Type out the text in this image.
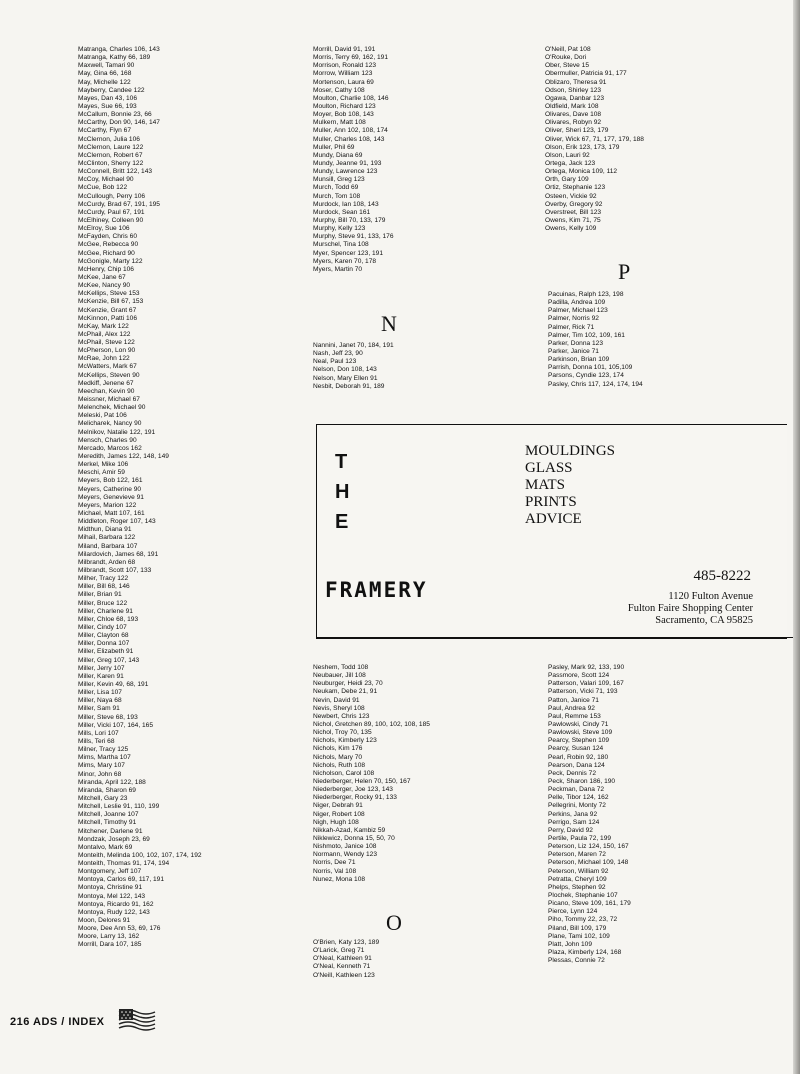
Matranga, Charles 106, 143
Matranga, Kathy 66, 189
Maxwell, Tamari 90
May, Gina 66, 168
May, Michelle 122
Mayberry, Candee 122
Mayes, Dan 43, 106
Mayes, Sue 66, 193
McCallum, Bonnie 23, 66
McCarthy, Don 90, 146, 147
McCarthy, Flyn 67
McClernon, Julia 106
McClernon, Laure 122
McClernon, Robert 67
McClinton, Sherry 122
McConnell, Britt 122, 143
McCoy, Michael 90
McCue, Bob 122
McCullough, Perry 106
McCurdy, Brad 67, 191, 195
McCurdy, Paul 67, 191
McElhiney, Colleen 90
McElroy, Sue 106
McFayden, Chris 60
McGee, Rebecca 90
McGee, Richard 90
McGonigle, Marty 122
McHenry, Chip 106
McKee, Jane 67
McKee, Nancy 90
McKellips, Steve 153
McKenzie, Bill 67, 153
McKenzie, Grant 67
McKinnon, Patti 106
McKay, Mark 122
McPhail, Alex 122
McPhail, Steve 122
McPherson, Lon 90
McRae, John 122
McWatters, Mark 67
McKellips, Steven 90
Medkiff, Jenene 67
Meechan, Kevin 90
Meissner, Michael 67
Melenchek, Michael 90
Meleski, Pat 106
Melicharek, Nancy 90
Melnikov, Natalie 122, 191
Mensch, Charles 90
Mercado, Marcos 162
Meredith, James 122, 148, 149
Merkel, Mike 106
Meschi, Amir 59
Meyers, Bob 122, 161
Meyers, Catherine 90
Meyers, Genevieve 91
Meyers, Marion 122
Michael, Matt 107, 161
Middleton, Roger 107, 143
Midthun, Diana 91
Mihail, Barbara 122
Miland, Barbara 107
Milardovich, James 68, 191
Milbrandt, Arden 68
Milbrandt, Scott 107, 133
Milher, Tracy 122
Miller, Bill 68, 146
Miller, Brian 91
Miller, Bruce 122
Miller, Charlene 91
Miller, Chloe 68, 193
Miller, Cindy 107
Miller, Clayton 68
Miller, Donna 107
Miller, Elizabeth 91
Miller, Greg 107, 143
Miller, Jerry 107
Miller, Karen 91
Miller, Kevin 49, 68, 191
Miller, Lisa 107
Miller, Naya 68
Miller, Sam 91
Miller, Steve 68, 193
Miller, Vicki 107, 164, 165
Mills, Lori 107
Mills, Teri 68
Milner, Tracy 125
Mims, Martha 107
Mims, Mary 107
Minor, John 68
Miranda, April 122, 188
Miranda, Sharon 69
Mitchell, Gary 23
Mitchell, Leslie 91, 110, 199
Mitchell, Joanne 107
Mitchell, Timothy 91
Mitchener, Darlene 91
Mondzak, Joseph 23, 69
Montalvo, Mark 69
Monteith, Melinda 100, 102, 107, 174, 192
Monteith, Thomas 91, 174, 194
Montgomery, Jeff 107
Montoya, Carlos 69, 117, 191
Montoya, Christine 91
Montoya, Mel 122, 143
Montoya, Ricardo 91, 162
Montoya, Rudy 122, 143
Moon, Delores 91
Moore, Dee Ann 53, 69, 176
Moore, Larry 13, 162
Morrill, Dara 107, 185
Morrill, David 91, 191
Morris, Terry 69, 162, 191
Morrison, Ronald 123
Morrow, William 123
Mortenson, Laura 69
Moser, Cathy 108
Moulton, Charlie 108, 146
Moulton, Richard 123
Moyer, Bob 108, 143
Mulkern, Matt 108
Muller, Ann 102, 108, 174
Muller, Charles 108, 143
Muller, Phil 69
Mundy, Diana 69
Mundy, Jeanne 91, 193
Mundy, Lawrence 123
Munsill, Greg 123
Murch, Todd 69
Murch, Tom 108
Murdock, Ian 108, 143
Murdock, Sean 161
Murphy, Bill 70, 133, 179
Murphy, Kelly 123
Murphy, Steve 91, 133, 176
Murschel, Tina 108
Myer, Spencer 123, 191
Myers, Karen 70, 178
Myers, Martin 70
N
Nannini, Janet 70, 184, 191
Nash, Jeff 23, 90
Neal, Paul 123
Nelson, Don 108, 143
Nelson, Mary Ellen 91
Nesbit, Deborah 91, 189
O'Neill, Pat 108
O'Rouke, Dori
Ober, Steve 15
Obermuller, Patricia 91, 177
Oblizaro, Theresa 91
Odson, Shirley 123
Ogawa, Danbar 123
Oldfield, Mark 108
Olivares, Dave 108
Olivares, Robyn 92
Oliver, Sheri 123, 179
Oliver, Wick 67, 71, 177, 179, 188
Olson, Erik 123, 173, 179
Olson, Lauri 92
Ortega, Jack 123
Ortega, Monica 109, 112
Orth, Gary 109
Ortiz, Stephanie 123
Osteen, Vickie 92
Overby, Gregory 92
Overstreet, Bill 123
Owens, Kim 71, 75
Owens, Kelly 109
P
Pacuinas, Ralph 123, 198
Padilla, Andrea 109
Palmer, Michael 123
Palmer, Norris 92
Palmer, Rick 71
Palmer, Tim 102, 109, 161
Parker, Donna 123
Parker, Janice 71
Parkinson, Brian 109
Parrish, Donna 101, 105,109
Parsons, Cyndie 123, 174
Pasley, Chris 117, 124, 174, 194
T
H
E
MOULDINGS
GLASS
MATS
PRINTS
ADVICE
FRAMERY
485-8222
1120 Fulton Avenue
Fulton Faire Shopping Center
Sacramento, CA 95825
Neshem, Todd 108
Neubauer, Jill 108
Neuburger, Heidi 23, 70
Neukam, Debe 21, 91
Nevin, David 91
Nevis, Sheryl 108
Newbert, Chris 123
Nichol, Gretchen 89, 100, 102, 108, 185
Nichol, Troy 70, 135
Nichols, Kimberly 123
Nichols, Kim 176
Nichols, Mary 70
Nichols, Ruth 108
Nicholson, Carol 108
Niederberger, Helen 70, 150, 167
Niederberger, Joe 123, 143
Niederberger, Rocky 91, 133
Niger, Debrah 91
Niger, Robert 108
Nigh, Hugh 108
Nikkah-Azad, Kambiz 59
Niklewicz, Donna 15, 50, 70
Nishmoto, Janice 108
Normann, Wendy 123
Norris, Dee 71
Norris, Val 108
Nunez, Mona 108
O
O'Brien, Katy 123, 189
O'Larick, Greg 71
O'Neal, Kathleen 91
O'Neal, Kenneth 71
O'Neill, Kathleen 123
Pasley, Mark 92, 133, 190
Passmore, Scott 124
Patterson, Valari 109, 167
Patterson, Vicki 71, 193
Patton, Janice 71
Paul, Andrea 92
Paul, Remme 153
Pawlowski, Cindy 71
Pawlowski, Steve 109
Pearcy, Stephen 109
Pearcy, Susan 124
Pearl, Robin 92, 180
Pearson, Dana 124
Peck, Dennis 72
Peck, Sharon 186, 190
Peckman, Dana 72
Pelle, Tibor 124, 162
Pellegrini, Monty 72
Perkins, Jana 92
Perrigo, Sam 124
Perry, David 92
Pertile, Paula 72, 199
Peterson, Liz 124, 150, 167
Peterson, Maren 72
Peterson, Michael 109, 148
Peterson, William 92
Petratta, Cheryl 109
Phelps, Stephen 92
Plochek, Stephanie 107
Picano, Steve 109, 161, 179
Pierce, Lynn 124
Piho, Tommy 22, 23, 72
Piland, Bill 109, 179
Plane, Tami 102, 109
Platt, John 109
Plaza, Kimberly 124, 168
Plessas, Connie 72
216 ADS / INDEX
